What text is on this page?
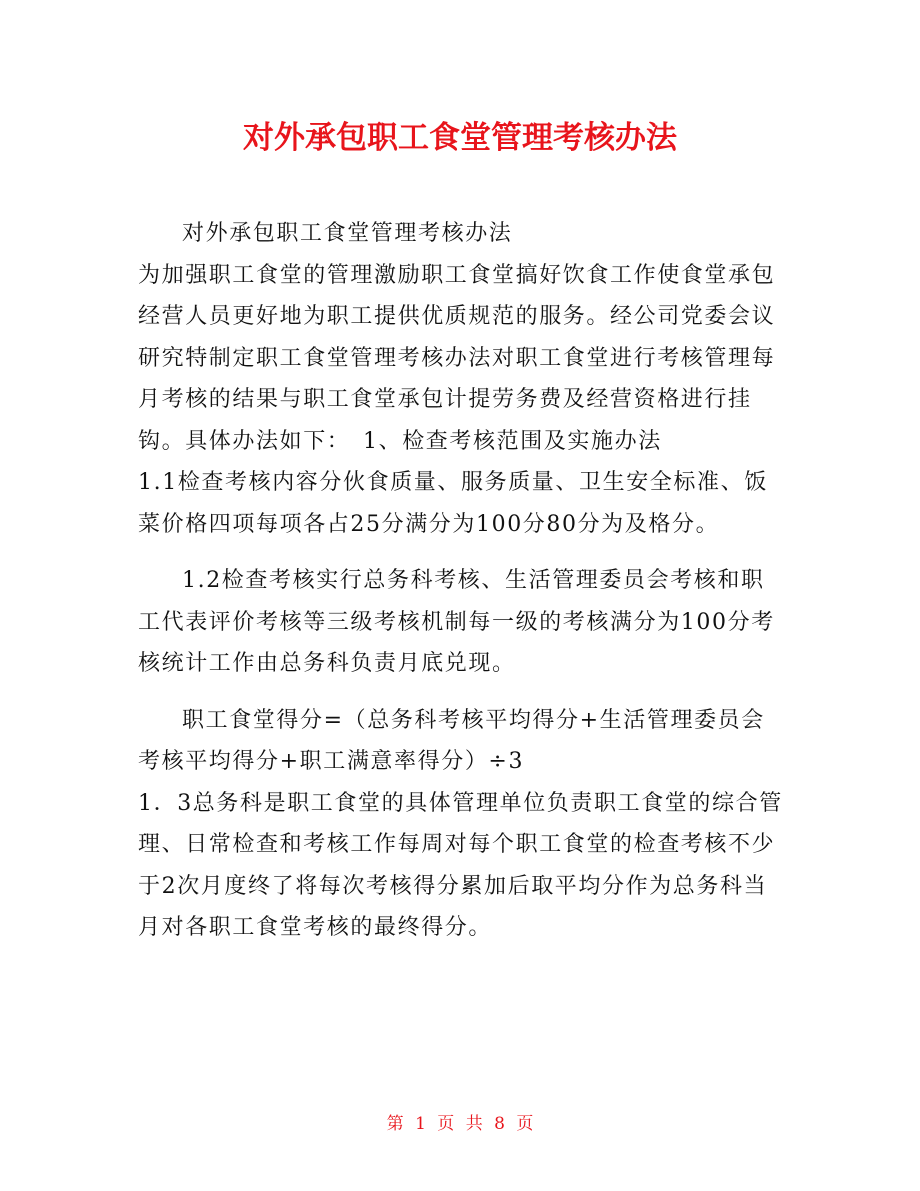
对外承包职工食堂管理考核办法

对外承包职工食堂管理考核办法

为加强职工食堂的管理激励职工食堂搞好饮食工作使食堂承包经营人员更好地为职工提供优质规范的服务。经公司党委会议研究特制定职工食堂管理考核办法对职工食堂进行考核管理每月考核的结果与职工食堂承包计提劳务费及经营资格进行挂钩。具体办法如下：　1、检查考核范围及实施办法

1.1检查考核内容分伙食质量、服务质量、卫生安全标准、饭菜价格四项每项各占25分满分为100分80分为及格分。

1.2检查考核实行总务科考核、生活管理委员会考核和职工代表评价考核等三级考核机制每一级的考核满分为100分考核统计工作由总务科负责月底兑现。

职工食堂得分=（总务科考核平均得分+生活管理委员会考核平均得分+职工满意率得分）÷3

1．3总务科是职工食堂的具体管理单位负责职工食堂的综合管理、日常检查和考核工作每周对每个职工食堂的检查考核不少于2次月度终了将每次考核得分累加后取平均分作为总务科当月对各职工食堂考核的最终得分。

第 1 页 共 8 页
